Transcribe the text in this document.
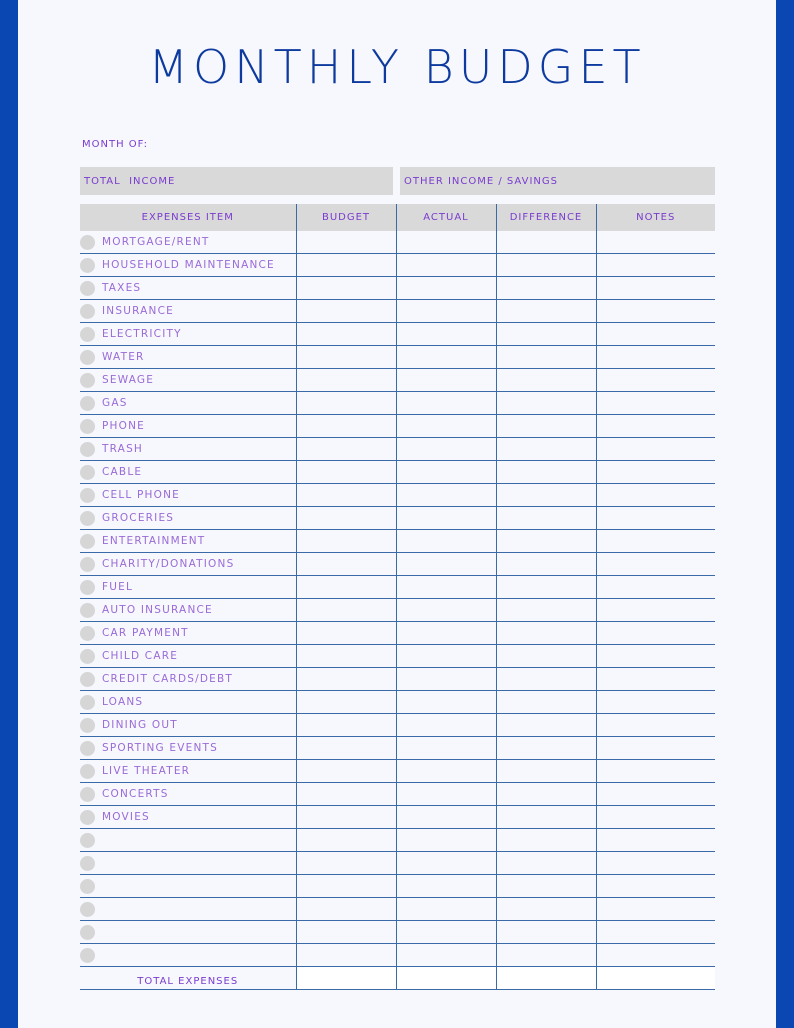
MONTHLY BUDGET
MONTH OF:
TOTAL  INCOME	OTHER INCOME / SAVINGS
EXPENSES ITEM	BUDGET	ACTUAL	DIFFERENCE	NOTES

MORTGAGE/RENT				

HOUSEHOLD MAINTENANCE				

TAXES				

INSURANCE				

ELECTRICITY				

WATER				

SEWAGE				

GAS				

PHONE				

TRASH				

CABLE				

CELL PHONE				

GROCERIES				

ENTERTAINMENT				

CHARITY/DONATIONS				

FUEL				

AUTO INSURANCE				

CAR PAYMENT				

CHILD CARE				

CREDIT CARDS/DEBT				

LOANS				

DINING OUT				

SPORTING EVENTS				

LIVE THEATER				

CONCERTS				

MOVIES				

TOTAL EXPENSES				
